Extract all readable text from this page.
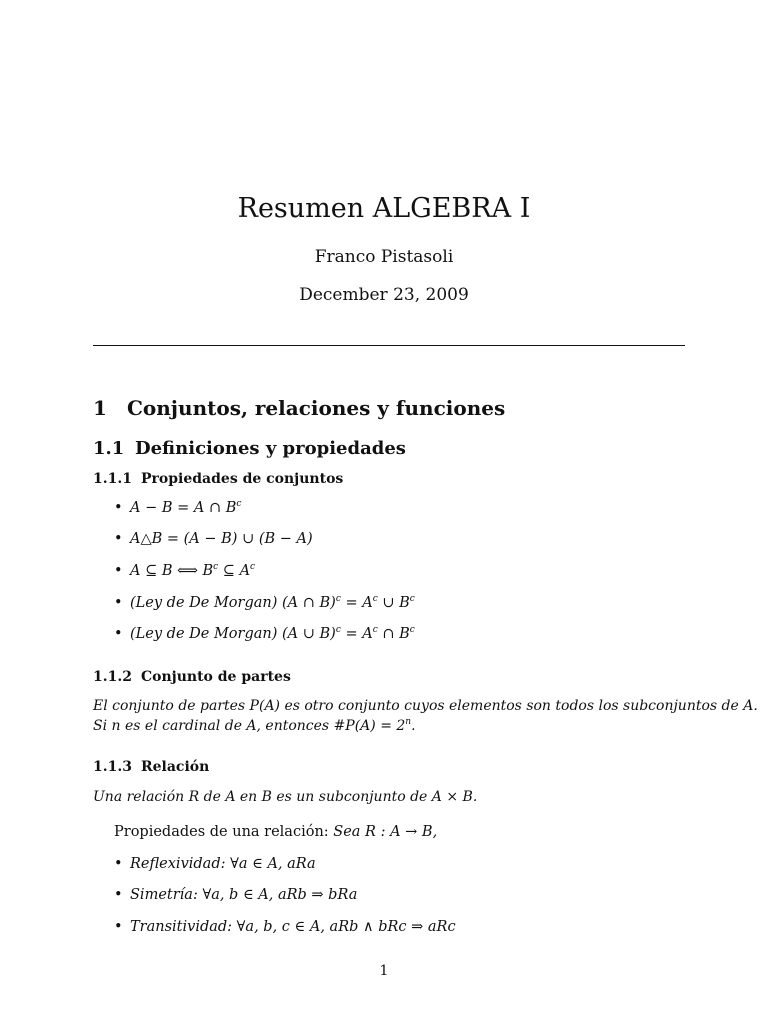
Resumen ALGEBRA I
Franco Pistasoli
December 23, 2009
1 Conjuntos, relaciones y funciones
1.1 Definiciones y propiedades
1.1.1 Propiedades de conjuntos
• A − B = A ∩ $B^c$
• A△B = (A − B) ∪ (B − A)
• A ⊆ B ⟺ $B^c$ ⊆ $A^c$
• (Ley de De Morgan) (A ∩ $B)^c = A^c$ ∪ $B^c$
• (Ley de De Morgan) (A ∪ $B)^c = A^c$ ∩ $B^c$
1.1.2 Conjunto de partes
El conjunto de partes P(A) es otro conjunto cuyos elementos son todos los subconjuntos de A.
Si n es el cardinal de A, entonces #P(A) = $2^n$.
1.1.3 Relación
Una relación R de A en B es un subconjunto de A × B.
Propiedades de una relación: Sea R : A → B,
• Reflexividad: ∀a ∈ A, aRa
• Simetría: ∀a, b ∈ A, aRb ⇒ bRa
• Transitividad: ∀a, b, c ∈ A, aRb ∧ bRc ⇒ aRc
1
